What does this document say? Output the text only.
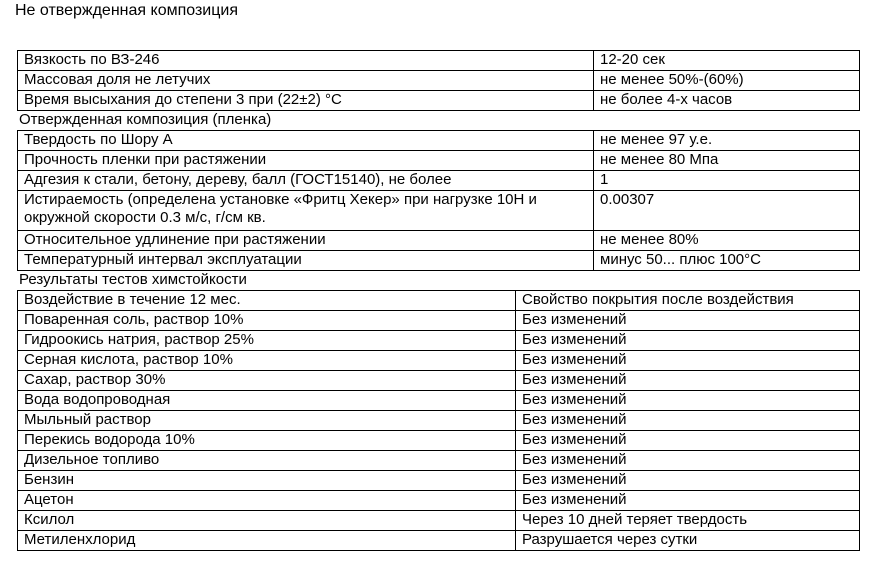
Не отвержденная композиция
Вязкость по ВЗ-246	12-20 сек
Массовая доля не летучих	не менее 50%-(60%)
Время высыхания до степени 3 при (22±2) °С	не более 4-х часов
Отвержденная композиция (пленка)
Твердость по Шору А	не менее 97 у.е.
Прочность пленки при растяжении	не менее 80 Мпа
Адгезия к стали, бетону, дереву, балл (ГОСТ15140), не более	1
Истираемость (определена установке «Фритц Хекер» при нагрузке 10Н и окружной скорости 0.3 м/с, г/см кв.	0.00307
Относительное удлинение при растяжении	не менее 80%
Температурный интервал эксплуатации	минус 50... плюс 100°С
Результаты тестов химстойкости
Воздействие в течение 12 мес.	Свойство покрытия после воздействия
Поваренная соль, раствор 10%	Без изменений
Гидроокись натрия, раствор 25%	Без изменений
Серная кислота, раствор 10%	Без изменений
Сахар, раствор 30%	Без изменений
Вода водопроводная	Без изменений
Мыльный раствор	Без изменений
Перекись водорода 10%	Без изменений
Дизельное топливо	Без изменений
Бензин	Без изменений
Ацетон	Без изменений
Ксилол	Через 10 дней теряет твердость
Метиленхлорид	Разрушается через сутки
